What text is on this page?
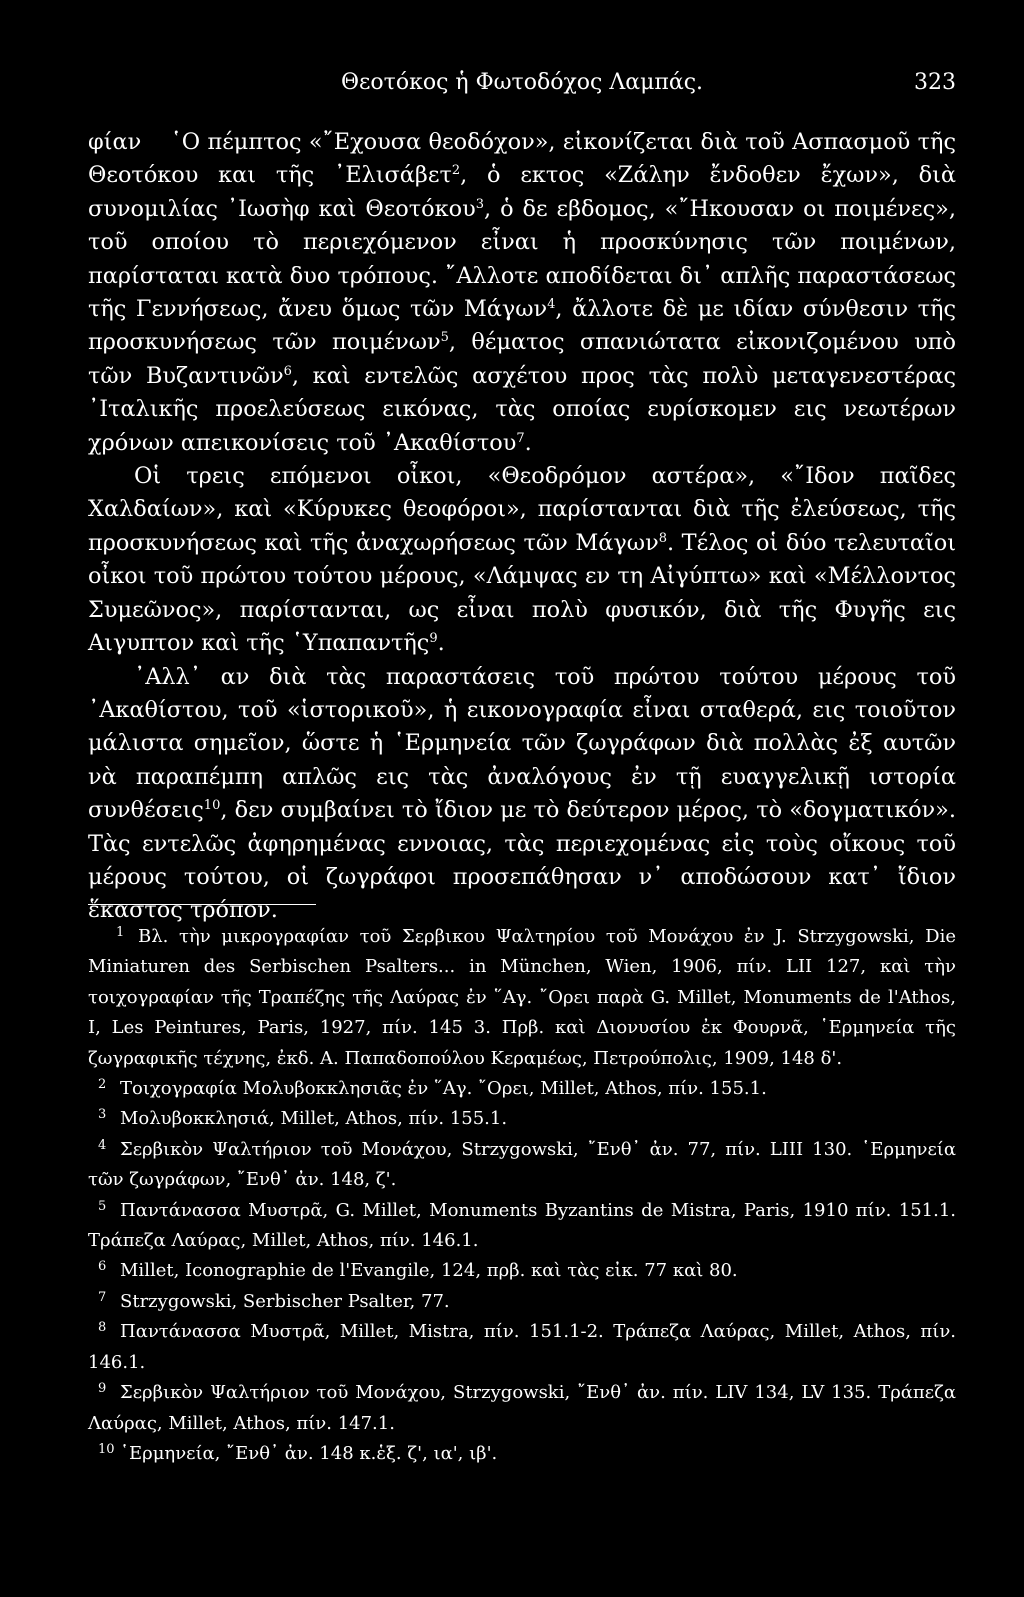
Θεοτόκος ἡ Φωτοδόχος Λαμπάς.	323

φίαν ῾Ο πέμπτος «῎Εχουσα θεοδόχον», εἰκονίζεται διὰ τοῦ Ασπασμοῦ τῆς Θεοτόκου και τῆς ᾿Ελισάβετ$^2$, ὁ εκτος «Ζάλην ἔνδοθεν ἔχων», διὰ συνομιλίας ᾿Ιωσὴφ καὶ Θεοτόκου$^3$, ὁ δε εβδομος, «῎Ηκουσαν οι ποιμένες», τοῦ οποίου τὸ περιεχόμενον εἶναι ἡ προσκύνησις τῶν ποιμένων, παρίσταται κατὰ δυο τρόπους. ῎Αλλοτε αποδίδεται δι᾿ απλῆς παραστάσεως τῆς Γεννήσεως, ἄνευ ὅμως τῶν Μάγων$^4$, ἄλλοτε δὲ με ιδίαν σύνθεσιν τῆς προσκυνήσεως τῶν ποιμένων$^5$, θέματος σπανιώτατα εἰκονιζομένου υπὸ τῶν Βυζαντινῶν$^6$, καὶ εντελῶς ασχέτου προς τὰς πολὺ μεταγενεστέρας ᾿Ιταλικῆς προελεύσεως εικόνας, τὰς οποίας ευρίσκομεν εις νεωτέρων χρόνων απεικονίσεις τοῦ ᾿Ακαθίστου$^7$.

Οἱ τρεις επόμενοι οἶκοι, «Θεοδρόμον αστέρα», «῎Ιδον παῖδες Χαλδαίων», καὶ «Κύρυκες θεοφόροι», παρίστανται διὰ τῆς ἐλεύσεως, τῆς προσκυνήσεως καὶ τῆς ἀναχωρήσεως τῶν Μάγων$^8$. Τέλος οἱ δύο τελευταῖοι οἶκοι τοῦ πρώτου τούτου μέρους, «Λάμψας εν τη Αἰγύπτω» καὶ «Μέλλοντος Συμεῶνος», παρίστανται, ως εἶναι πολὺ φυσικόν, διὰ τῆς Φυγῆς εις Αιγυπτον καὶ τῆς ῾Υπαπαντῆς$^9$.

᾿Αλλ᾿ αν διὰ τὰς παραστάσεις τοῦ πρώτου τούτου μέρους τοῦ ᾿Ακαθίστου, τοῦ «ἱστορικοῦ», ἡ εικονογραφία εἶναι σταθερά, εις τοιοῦτον μάλιστα σημεῖον, ὥστε ἡ ῾Ερμηνεία τῶν ζωγράφων διὰ πολλὰς ἐξ αυτῶν νὰ παραπέμπη απλῶς εις τὰς ἀναλόγους ἐν τῇ ευαγγελικῇ ιστορία συνθέσεις$^{10}$, δεν συμβαίνει τὸ ἴδιον με τὸ δεύτερον μέρος, τὸ «δογματικόν». Τὰς εντελῶς ἀφηρημένας εννοιας, τὰς περιεχομένας εἰς τοὺς οἴκους τοῦ μέρους τούτου, οἱ ζωγράφοι προσεπάθησαν ν᾿ αποδώσουν κατ᾿ ἴδιον ἕκαστος τρόπον.

1 Βλ. τὴν μικρογραφίαν τοῦ Σερβικου Ψαλτηρίου τοῦ Μονάχου ἐν J. Strzygowski, Die Miniaturen des Serbischen Psalters... in München, Wien, 1906, πίν. LII 127, καὶ τὴν τοιχογραφίαν τῆς Τραπέζης τῆς Λαύρας ἐν ῞Αγ. ῎Ορει παρὰ G. Millet, Monuments de l'Athos, I, Les Peintures, Paris, 1927, πίν. 145 3. Πρβ. καὶ Διονυσίου ἐκ Φουρνᾶ, ῾Ερμηνεία τῆς ζωγραφικῆς τέχνης, ἐκδ. Α. Παπαδοπούλου Κεραμέως, Πετρούπολις, 1909, 148 δ'.

2 Τοιχογραφία Μολυβοκκλησιᾶς ἐν ῞Αγ. ῎Ορει, Millet, Athos, πίν. 155.1.

3 Μολυβοκκλησιά, Millet, Athos, πίν. 155.1.

4 Σερβικὸν Ψαλτήριον τοῦ Μονάχου, Strzygowski, ῎Ενθ᾿ ἀν. 77, πίν. LIII 130. ῾Ερμηνεία τῶν ζωγράφων, ῎Ενθ᾿ ἀν. 148, ζ'.

5 Παντάνασσα Μυστρᾶ, G. Millet, Monuments Byzantins de Mistra, Paris, 1910 πίν. 151.1. Τράπεζα Λαύρας, Millet, Athos, πίν. 146.1.

6 Millet, Iconographie de l'Evangile, 124, πρβ. καὶ τὰς εἰκ. 77 καὶ 80.

7 Strzygowski, Serbischer Psalter, 77.

8 Παντάνασσα Μυστρᾶ, Millet, Mistra, πίν. 151.1-2. Τράπεζα Λαύρας, Millet, Athos, πίν. 146.1.

9 Σερβικὸν Ψαλτήριον τοῦ Μονάχου, Strzygowski, ῎Ενθ᾿ ἀν. πίν. LIV 134, LV 135. Τράπεζα Λαύρας, Millet, Athos, πίν. 147.1.

10 ῾Ερμηνεία, ῎Ενθ᾿ ἀν. 148 κ.ἑξ. ζ', ια', ιβ'.
